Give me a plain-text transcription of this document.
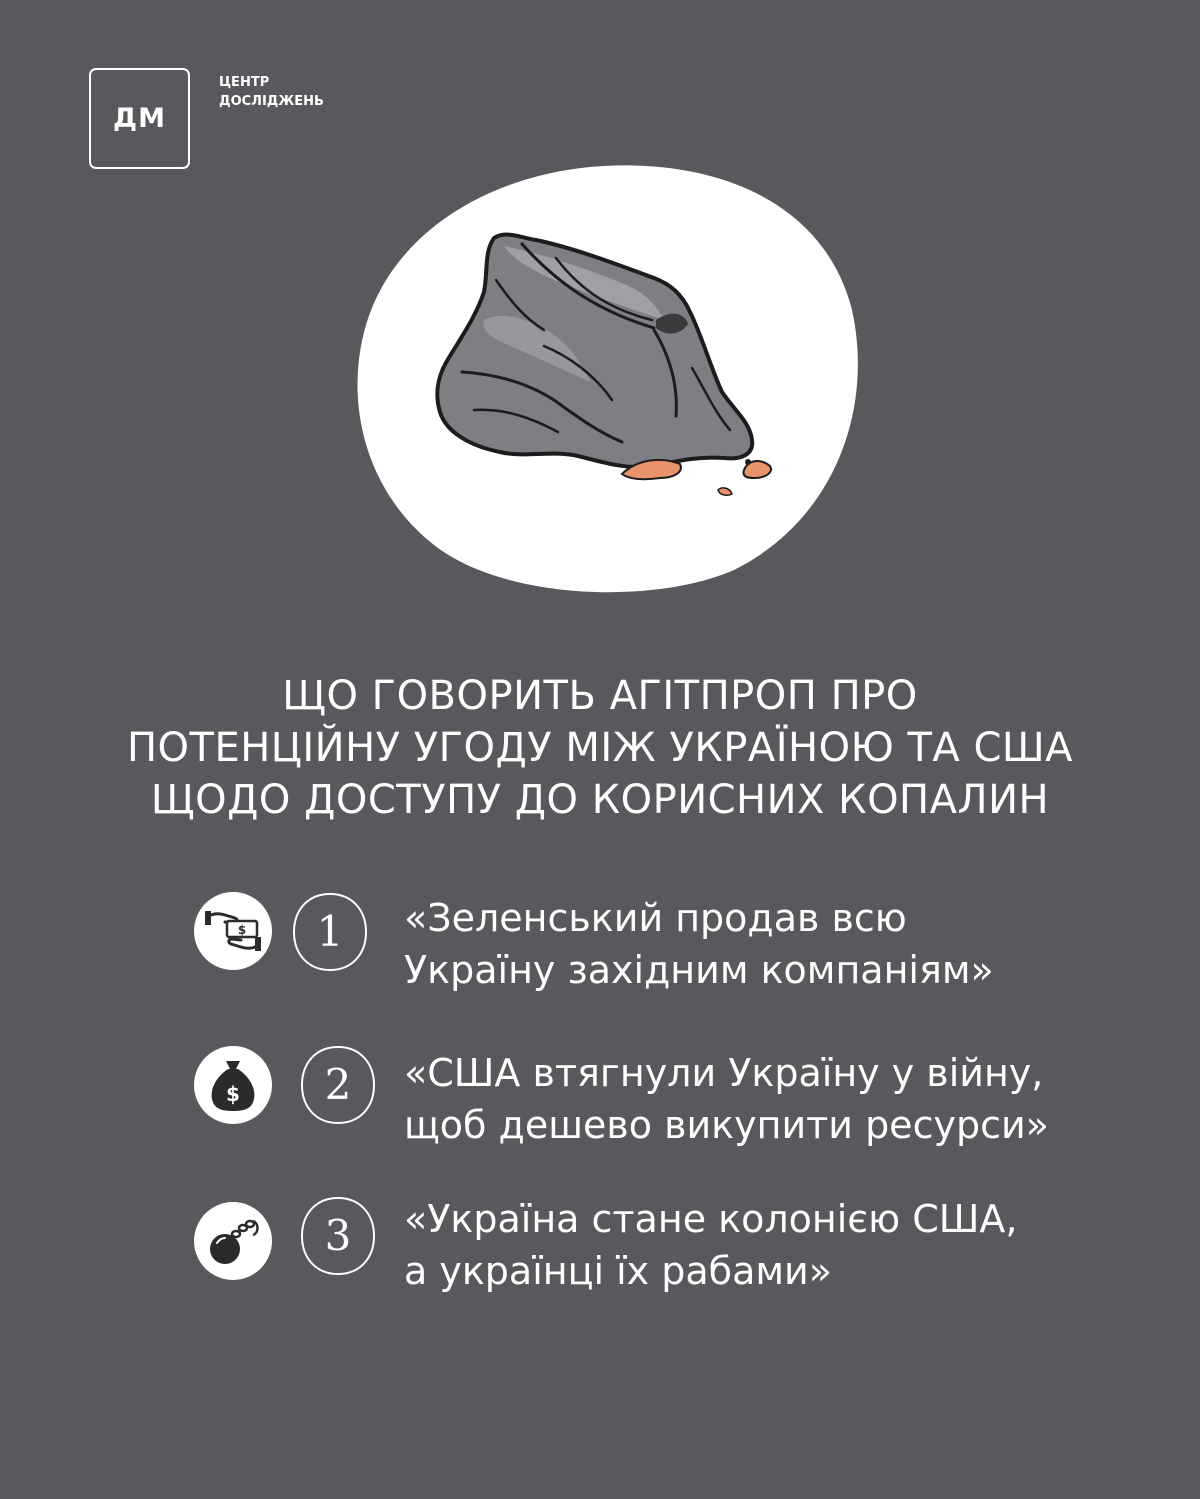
ДМ
ЦЕНТР
ДОСЛІДЖЕНЬ
ЩО ГОВОРИТЬ АГІТПРОП ПРО
ПОТЕНЦІЙНУ УГОДУ МІЖ УКРАЇНОЮ ТА США
ЩОДО ДОСТУПУ ДО КОРИСНИХ КОПАЛИН
$	1	«Зеленський продав всю
Україну західним компаніям»
$	2	«США втягнули Україну у війну,
щоб дешево викупити ресурси»
3	«Україна стане колонією США,
а українці їх рабами»
